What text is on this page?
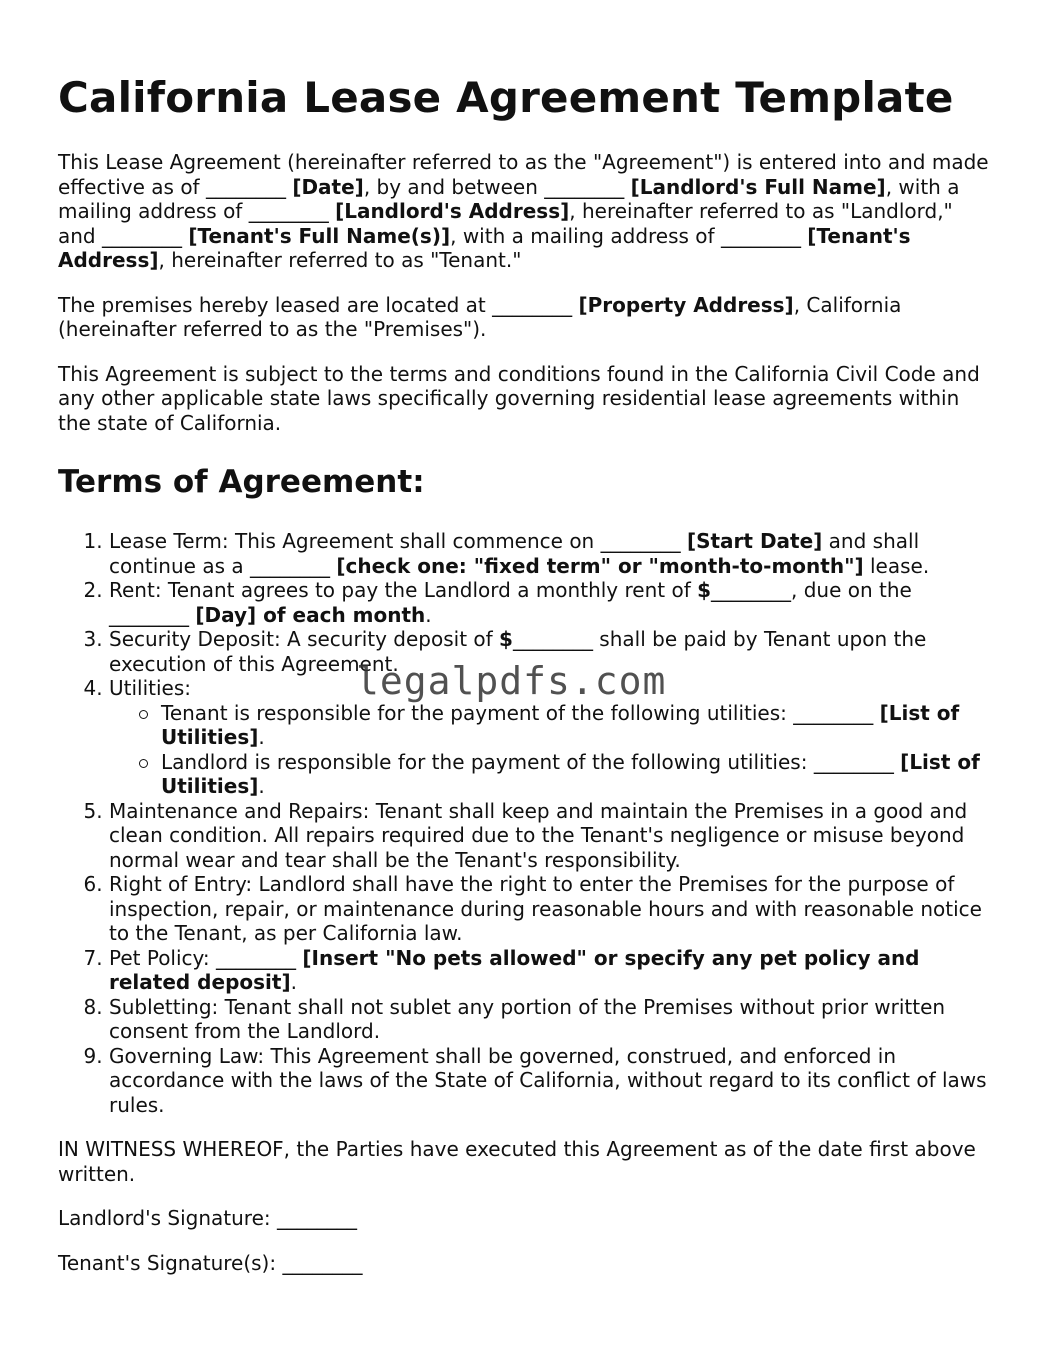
California Lease Agreement Template

This Lease Agreement (hereinafter referred to as the "Agreement") is entered into and made effective as of ________ [Date], by and between ________ [Landlord's Full Name], with a mailing address of ________ [Landlord's Address], hereinafter referred to as "Landlord," and ________ [Tenant's Full Name(s)], with a mailing address of ________ [Tenant's Address], hereinafter referred to as "Tenant."

The premises hereby leased are located at ________ [Property Address], California (hereinafter referred to as the "Premises").

This Agreement is subject to the terms and conditions found in the California Civil Code and any other applicable state laws specifically governing residential lease agreements within the state of California.

Terms of Agreement:
1. Lease Term: This Agreement shall commence on ________ [Start Date] and shall continue as a ________ [check one: "fixed term" or "month-to-month"] lease.
2. Rent: Tenant agrees to pay the Landlord a monthly rent of $________, due on the ________ [Day] of each month.
3. Security Deposit: A security deposit of $________ shall be paid by Tenant upon the execution of this Agreement.
4. Utilities:
Tenant is responsible for the payment of the following utilities: ________ [List of Utilities].
Landlord is responsible for the payment of the following utilities: ________ [List of Utilities].
5. Maintenance and Repairs: Tenant shall keep and maintain the Premises in a good and clean condition. All repairs required due to the Tenant's negligence or misuse beyond normal wear and tear shall be the Tenant's responsibility.
6. Right of Entry: Landlord shall have the right to enter the Premises for the purpose of inspection, repair, or maintenance during reasonable hours and with reasonable notice to the Tenant, as per California law.
7. Pet Policy: ________ [Insert "No pets allowed" or specify any pet policy and related deposit].
8. Subletting: Tenant shall not sublet any portion of the Premises without prior written consent from the Landlord.
9. Governing Law: This Agreement shall be governed, construed, and enforced in accordance with the laws of the State of California, without regard to its conflict of laws rules.

IN WITNESS WHEREOF, the Parties have executed this Agreement as of the date first above written.

Landlord's Signature: ________

Tenant's Signature(s): ________

legalpdfs.com
